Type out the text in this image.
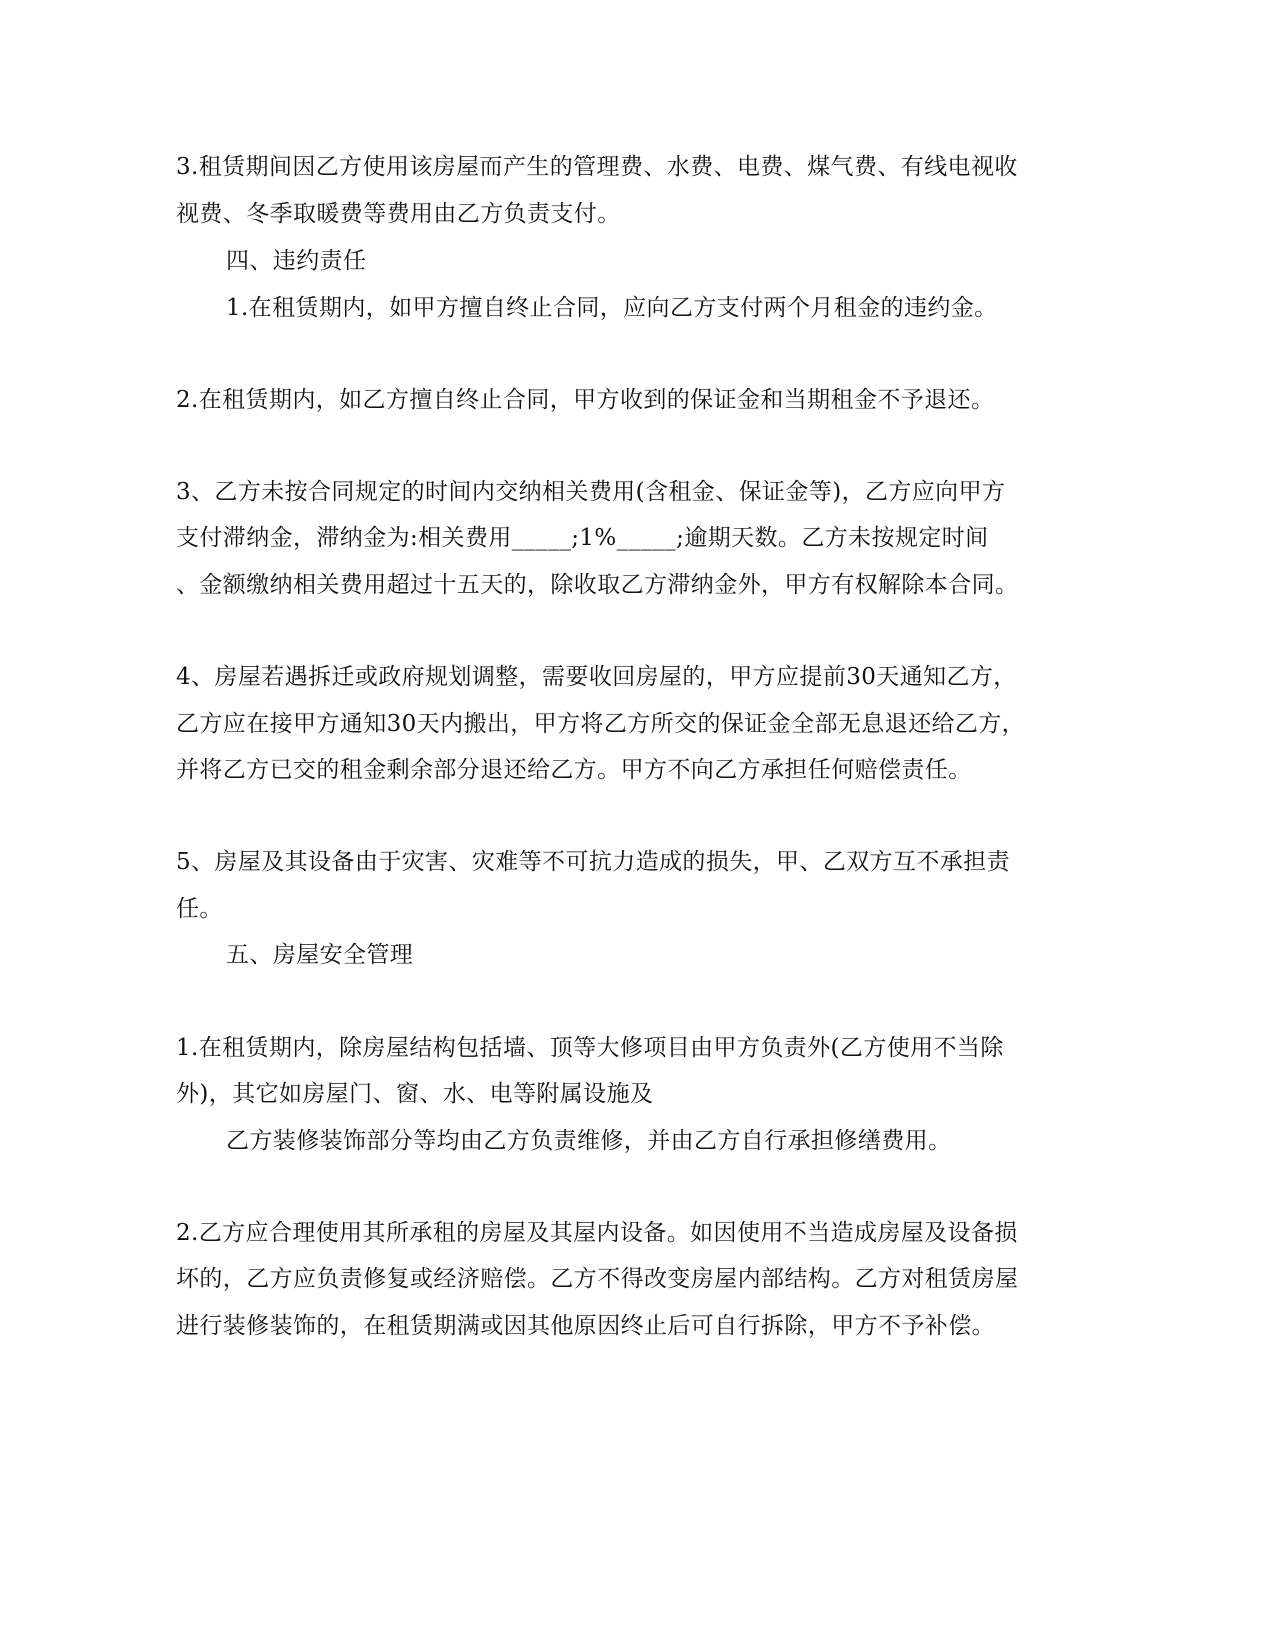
3.租赁期间因乙方使用该房屋而产生的管理费、水费、电费、煤气费、有线电视收
视费、冬季取暖费等费用由乙方负责支付。
四、违约责任
1.在租赁期内，如甲方擅自终止合同，应向乙方支付两个月租金的违约金。
2.在租赁期内，如乙方擅自终止合同，甲方收到的保证金和当期租金不予退还。
3、乙方未按合同规定的时间内交纳相关费用(含租金、保证金等)，乙方应向甲方
支付滞纳金，滞纳金为:相关费用_____;1%_____;逾期天数。乙方未按规定时间
、金额缴纳相关费用超过十五天的，除收取乙方滞纳金外，甲方有权解除本合同。
4、房屋若遇拆迁或政府规划调整，需要收回房屋的，甲方应提前30天通知乙方，
乙方应在接甲方通知30天内搬出，甲方将乙方所交的保证金全部无息退还给乙方，
并将乙方已交的租金剩余部分退还给乙方。甲方不向乙方承担任何赔偿责任。
5、房屋及其设备由于灾害、灾难等不可抗力造成的损失，甲、乙双方互不承担责
任。
五、房屋安全管理
1.在租赁期内，除房屋结构包括墙、顶等大修项目由甲方负责外(乙方使用不当除
外)，其它如房屋门、窗、水、电等附属设施及
乙方装修装饰部分等均由乙方负责维修，并由乙方自行承担修缮费用。
2.乙方应合理使用其所承租的房屋及其屋内设备。如因使用不当造成房屋及设备损
坏的，乙方应负责修复或经济赔偿。乙方不得改变房屋内部结构。乙方对租赁房屋
进行装修装饰的，在租赁期满或因其他原因终止后可自行拆除，甲方不予补偿。
